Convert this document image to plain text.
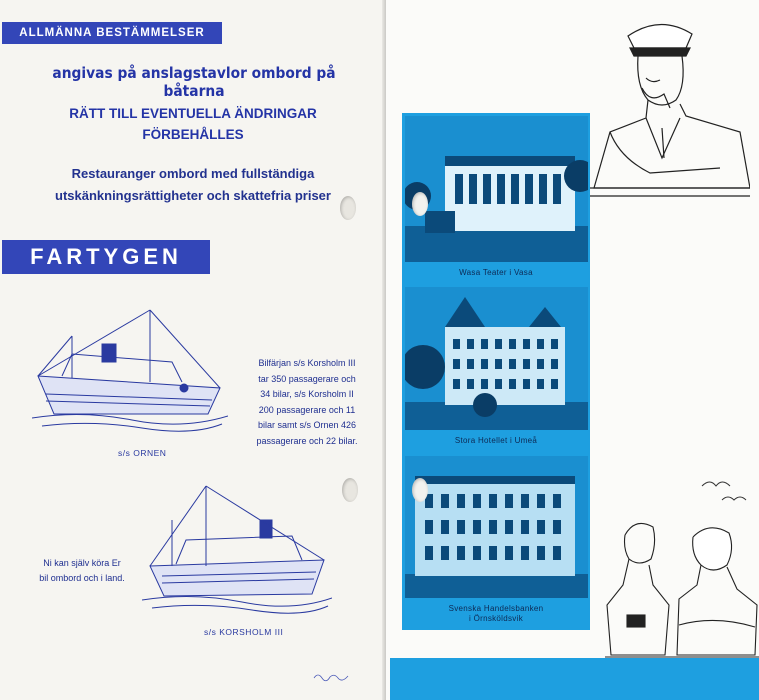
ALLMÄNNA BESTÄMMELSER
angivas på anslagstavlor ombord på båtarna
RÄTT TILL EVENTUELLA ÄNDRINGAR
FÖRBEHÅLLES
Restauranger ombord med fullständiga
utskänkningsrättigheter och skattefria priser
FARTYGEN
s/s ORNEN
Bilfärjan s/s Korsholm III
tar 350 passagerare och
34 bilar, s/s Korsholm II
200 passagerare och 11
bilar samt s/s Ornen 426
passagerare och 22 bilar.
s/s KORSHOLM III
Ni kan själv köra Er
bil ombord och i land.
Wasa Teater i Vasa
Stora Hotellet i Umeå
Svenska Handelsbanken
i Örnsköldsvik
